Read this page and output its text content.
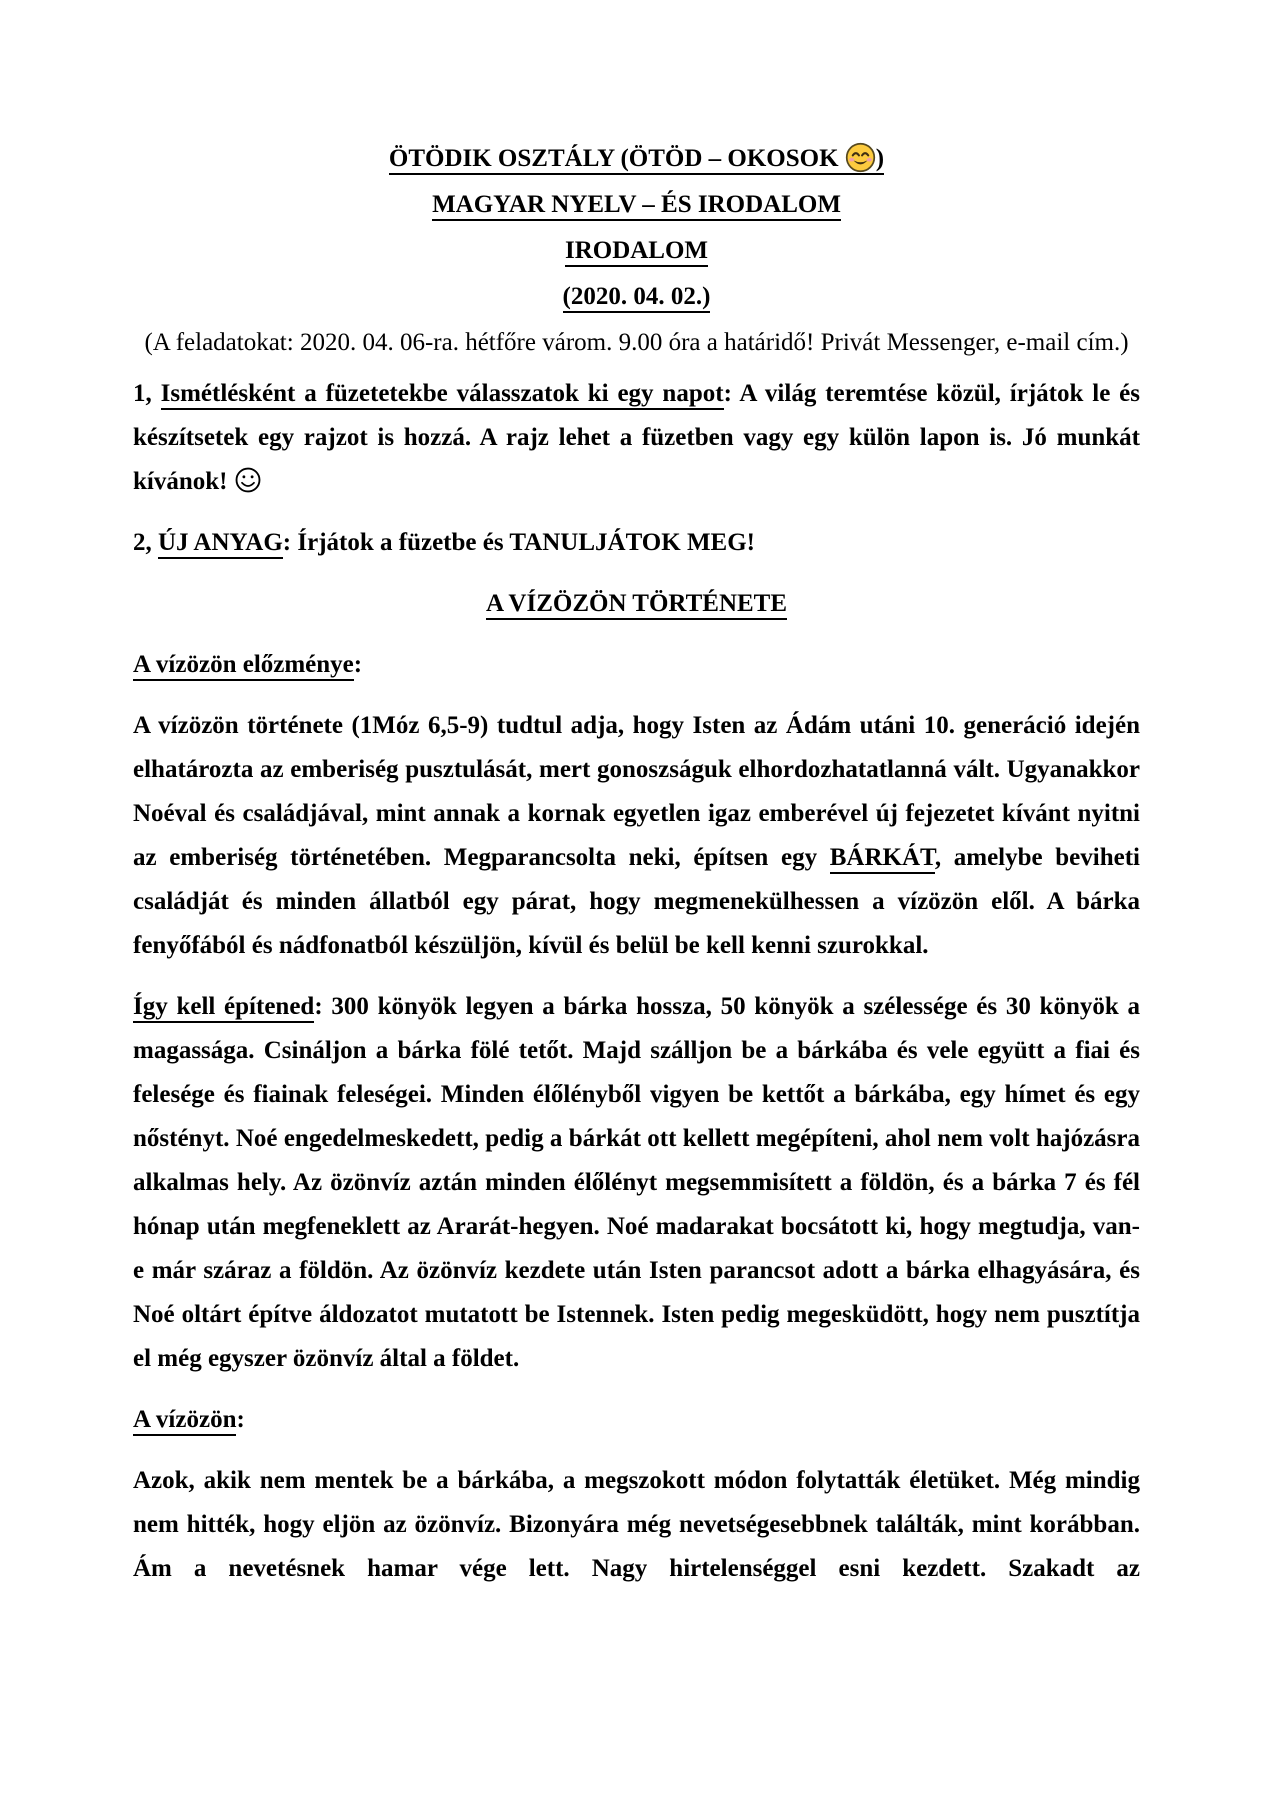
ÖTÖDIK OSZTÁLY (ÖTÖD – OKOSOK )

MAGYAR NYELV – ÉS IRODALOM

IRODALOM

(2020. 04. 02.)

(A feladatokat: 2020. 04. 06-ra. hétfőre várom. 9.00 óra a határidő! Privát Messenger, e-mail cím.)

1, Ismétlésként a füzetetekbe válasszatok ki egy napot: A világ teremtése közül, írjátok le és készítsetek egy rajzot is hozzá. A rajz lehet a füzetben vagy egy külön lapon is. Jó munkát kívánok!

2, ÚJ ANYAG: Írjátok a füzetbe és TANULJÁTOK MEG!

A VÍZÖZÖN TÖRTÉNETE

A vízözön előzménye:

A vízözön története (1Móz 6,5-9) tudtul adja, hogy Isten az Ádám utáni 10. generáció idején elhatározta az emberiség pusztulását, mert gonoszságuk elhordozhatatlanná vált. Ugyanakkor Noéval és családjával, mint annak a kornak egyetlen igaz emberével új fejezetet kívánt nyitni az emberiség történetében. Megparancsolta neki, építsen egy BÁRKÁT, amelybe beviheti családját és minden állatból egy párat, hogy megmenekülhessen a vízözön elől. A bárka fenyőfából és nádfonatból készüljön, kívül és belül be kell kenni szurokkal.

Így kell építened: 300 könyök legyen a bárka hossza, 50 könyök a szélessége és 30 könyök a magassága. Csináljon a bárka fölé tetőt. Majd szálljon be a bárkába és vele együtt a fiai és felesége és fiainak feleségei. Minden élőlényből vigyen be kettőt a bárkába, egy hímet és egy nőstényt. Noé engedelmeskedett, pedig a bárkát ott kellett megépíteni, ahol nem volt hajózásra alkalmas hely. Az özönvíz aztán minden élőlényt megsemmisített a földön, és a bárka 7 és fél hónap után megfeneklett az Ararát-hegyen. Noé madarakat bocsátott ki, hogy megtudja, van-e már száraz a földön. Az özönvíz kezdete után Isten parancsot adott a bárka elhagyására, és Noé oltárt építve áldozatot mutatott be Istennek. Isten pedig megesküdött, hogy nem pusztítja el még egyszer özönvíz által a földet.

A vízözön:

Azok, akik nem mentek be a bárkába, a megszokott módon folytatták életüket. Még mindig nem hitték, hogy eljön az özönvíz. Bizonyára még nevetségesebbnek találták, mint korábban. Ám a nevetésnek hamar vége lett. Nagy hirtelenséggel esni kezdett. Szakadt az
